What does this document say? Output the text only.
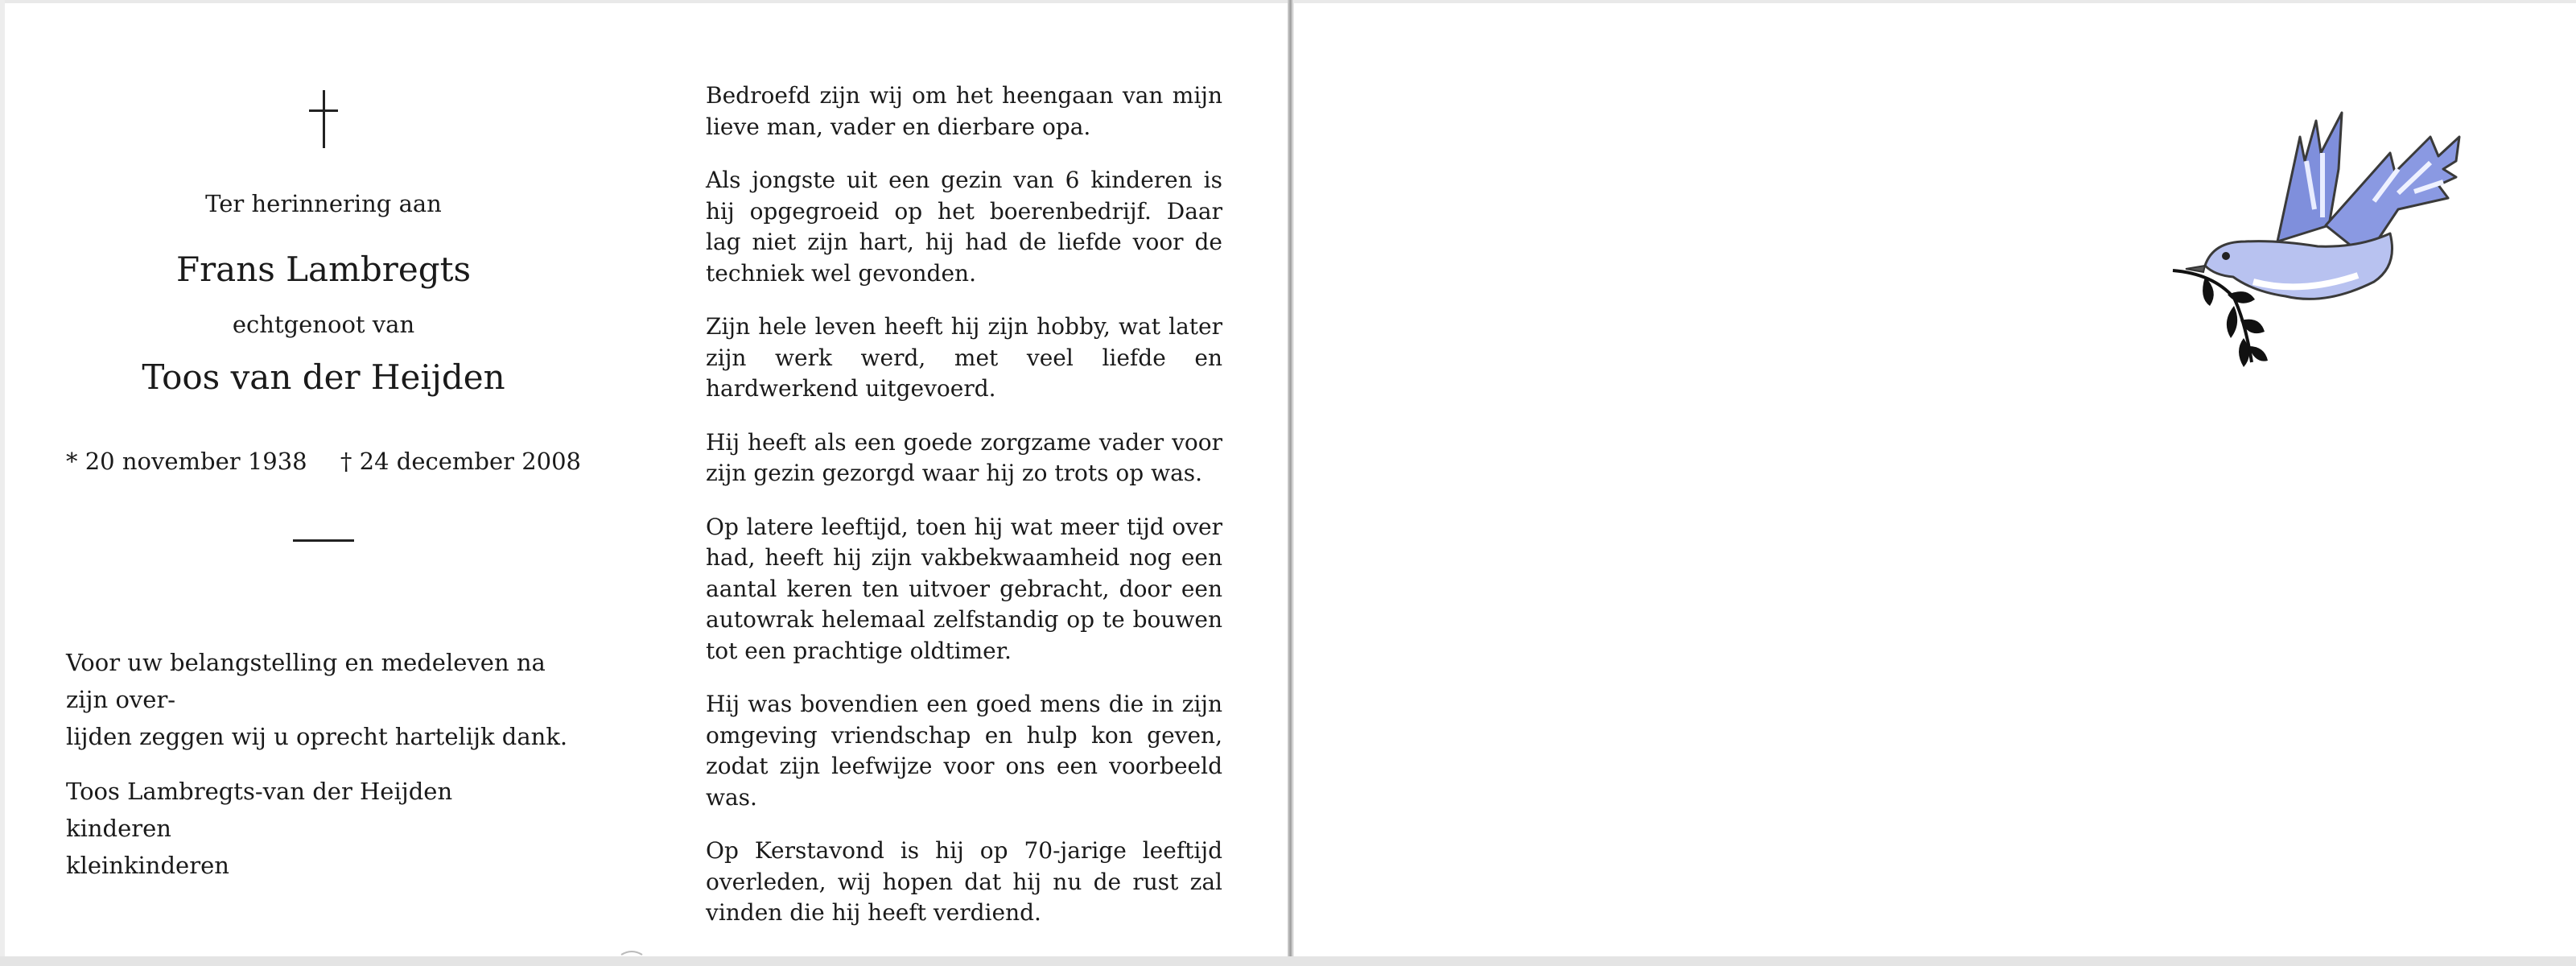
Ter herinnering aan
Frans Lambregts
echtgenoot van
Toos van der Heijden
* 20 november 1938 † 24 december 2008
Voor uw belangstelling en medeleven na zijn over-
lijden zeggen wij u oprecht hartelijk dank.
Toos Lambregts-van der Heijden
kinderen
kleinkinderen

Bedroefd zijn wij om het heengaan van mijn lieve man, vader en dierbare opa.

Als jongste uit een gezin van 6 kinderen is hij opgegroeid op het boerenbedrijf. Daar lag niet zijn hart, hij had de liefde voor de techniek wel gevonden.

Zijn hele leven heeft hij zijn hobby, wat later zijn werk werd, met veel liefde en hardwerkend uitgevoerd.

Hij heeft als een goede zorgzame vader voor zijn gezin gezorgd waar hij zo trots op was.

Op latere leeftijd, toen hij wat meer tijd over had, heeft hij zijn vakbekwaamheid nog een aantal keren ten uitvoer gebracht, door een autowrak helemaal zelfstandig op te bouwen tot een prachtige oldtimer.

Hij was bovendien een goed mens die in zijn omgeving vriendschap en hulp kon geven, zodat zijn leefwijze voor ons een voorbeeld was.

Op Kerstavond is hij op 70-jarige leeftijd overleden, wij hopen dat hij nu de rust zal vinden die hij heeft verdiend.
